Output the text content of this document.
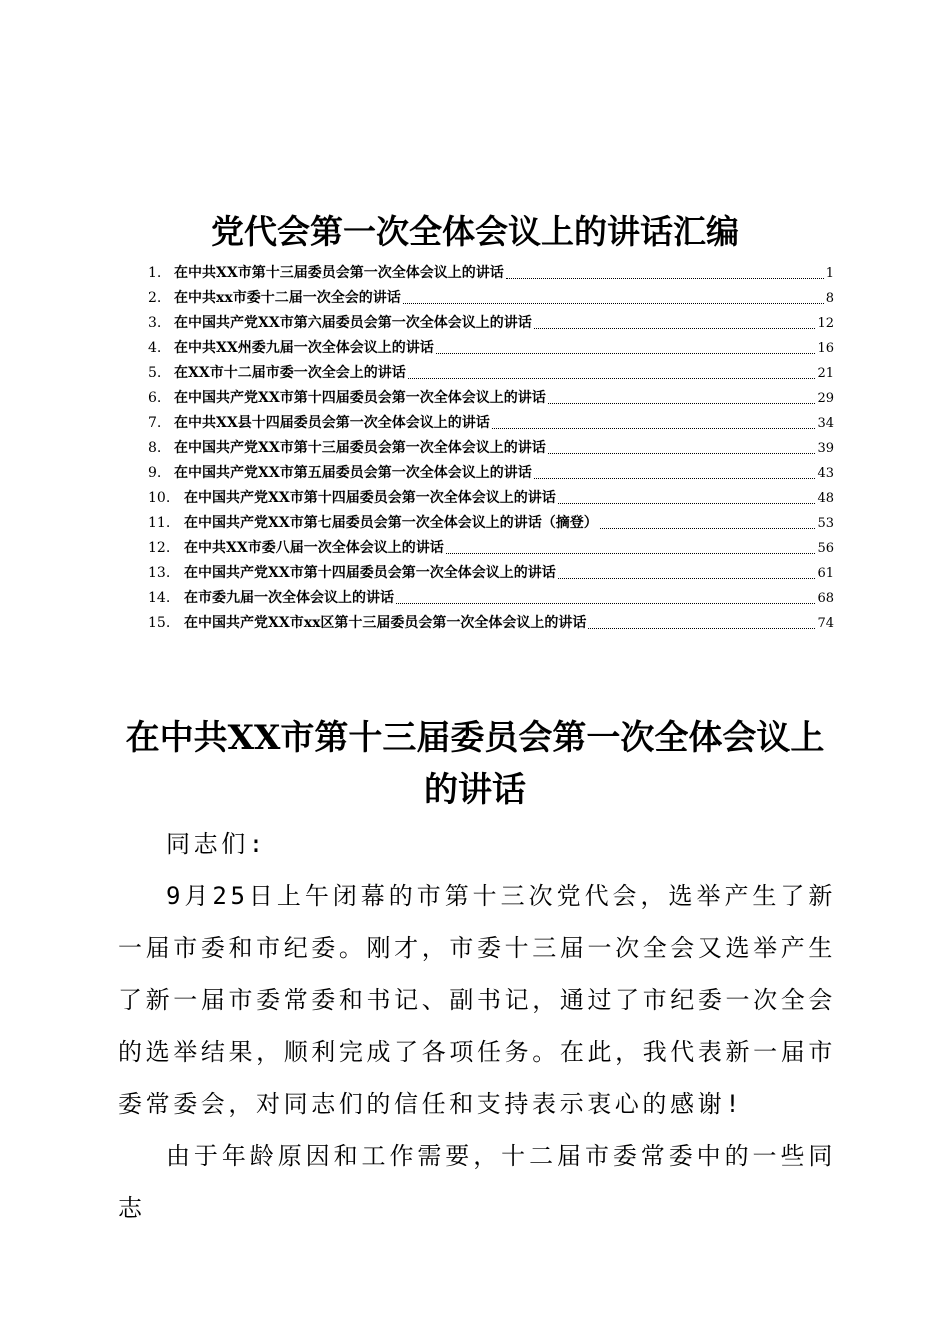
党代会第一次全体会议上的讲话汇编
1. 在中共XX市第十三届委员会第一次全体会议上的讲话	1
2. 在中共xx市委十二届一次全会的讲话	8
3. 在中国共产党XX市第六届委员会第一次全体会议上的讲话	12
4. 在中共XX州委九届一次全体会议上的讲话	16
5. 在XX市十二届市委一次全会上的讲话	21
6. 在中国共产党XX市第十四届委员会第一次全体会议上的讲话	29
7. 在中共XX县十四届委员会第一次全体会议上的讲话	34
8. 在中国共产党XX市第十三届委员会第一次全体会议上的讲话	39
9. 在中国共产党XX市第五届委员会第一次全体会议上的讲话	43
10. 在中国共产党XX市第十四届委员会第一次全体会议上的讲话	48
11. 在中国共产党XX市第七届委员会第一次全体会议上的讲话（摘登）	53
12. 在中共XX市委八届一次全体会议上的讲话	56
13. 在中国共产党XX市第十四届委员会第一次全体会议上的讲话	61
14. 在市委九届一次全体会议上的讲话	68
15. 在中国共产党XX市xx区第十三届委员会第一次全体会议上的讲话	74
在中共XX市第十三届委员会第一次全体会议上的讲话

同志们:

9月25日上午闭幕的市第十三次党代会，选举产生了新一届市委和市纪委。刚才，市委十三届一次全会又选举产生了新一届市委常委和书记、副书记，通过了市纪委一次全会的选举结果，顺利完成了各项任务。在此，我代表新一届市委常委会，对同志们的信任和支持表示衷心的感谢!

由于年龄原因和工作需要，十二届市委常委中的一些同志
